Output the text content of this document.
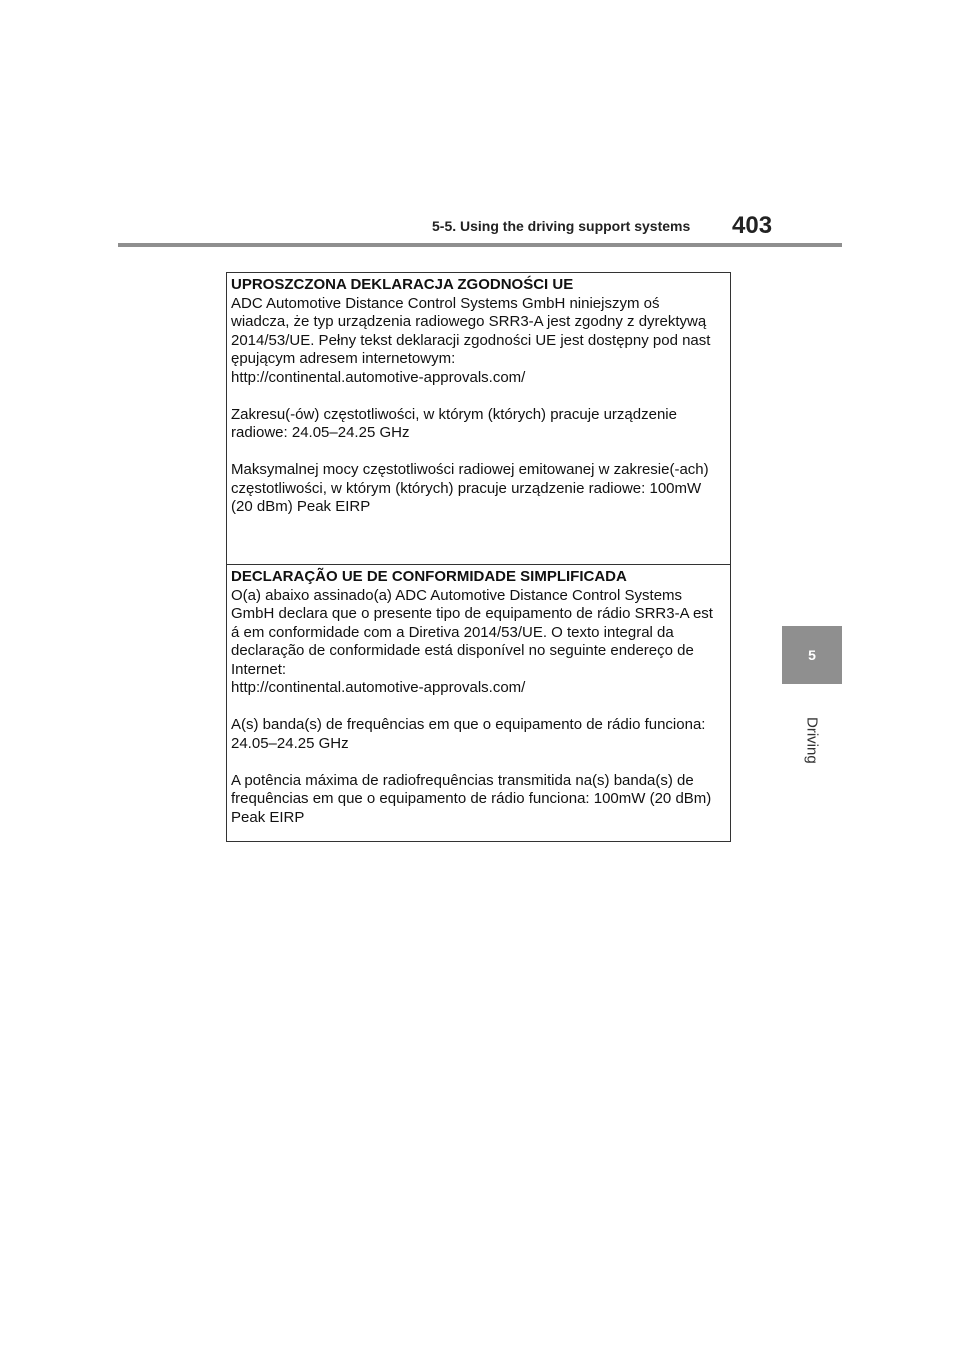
5-5. Using the driving support systems 403
5
Driving
UPROSZCZONA DEKLARACJA ZGODNOŚCI UE

ADC Automotive Distance Control Systems GmbH niniejszym oś
wiadcza, że typ urządzenia radiowego SRR3-A jest zgodny z dyrektywą
2014/53/UE. Pełny tekst deklaracji zgodności UE jest dostępny pod nast
ępującym adresem internetowym:
http://continental.automotive-approvals.com/

Zakresu(-ów) częstotliwości, w którym (których) pracuje urządzenie
radiowe: 24.05–24.25 GHz

Maksymalnej mocy częstotliwości radiowej emitowanej w zakresie(-ach)
częstotliwości, w którym (których) pracuje urządzenie radiowe: 100mW
(20 dBm) Peak EIRP

DECLARAÇÃO UE DE CONFORMIDADE SIMPLIFICADA

O(a) abaixo assinado(a) ADC Automotive Distance Control Systems
GmbH declara que o presente tipo de equipamento de rádio SRR3-A est
á em conformidade com a Diretiva 2014/53/UE. O texto integral da
declaração de conformidade está disponível no seguinte endereço de
Internet:
http://continental.automotive-approvals.com/

A(s) banda(s) de frequências em que o equipamento de rádio funciona:
24.05–24.25 GHz

A potência máxima de radiofrequências transmitida na(s) banda(s) de
frequências em que o equipamento de rádio funciona: 100mW (20 dBm)
Peak EIRP
